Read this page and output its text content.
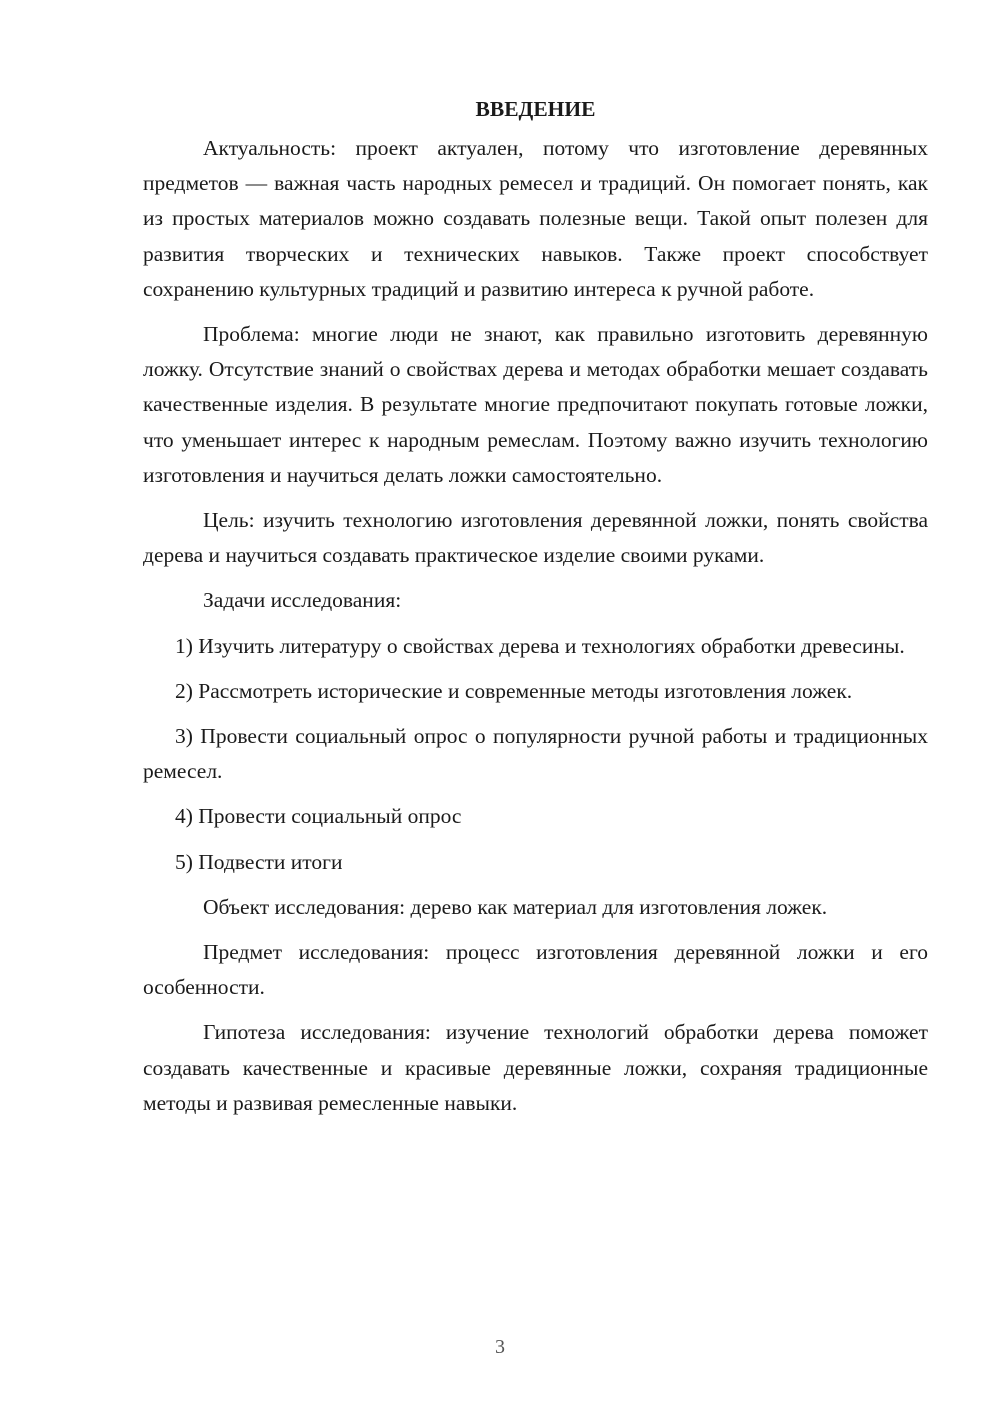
ВВЕДЕНИЕ

Актуальность: проект актуален, потому что изготовление деревянных предметов — важная часть народных ремесел и традиций. Он помогает понять, как из простых материалов можно создавать полезные вещи. Такой опыт полезен для развития творческих и технических навыков. Также проект способствует сохранению культурных традиций и развитию интереса к ручной работе.

Проблема: многие люди не знают, как правильно изготовить деревянную ложку. Отсутствие знаний о свойствах дерева и методах обработки мешает создавать качественные изделия. В результате многие предпочитают покупать готовые ложки, что уменьшает интерес к народным ремеслам. Поэтому важно изучить технологию изготовления и научиться делать ложки самостоятельно.

Цель: изучить технологию изготовления деревянной ложки, понять свойства дерева и научиться создавать практическое изделие своими руками.

Задачи исследования:

1) Изучить литературу о свойствах дерева и технологиях обработки древесины.

2) Рассмотреть исторические и современные методы изготовления ложек.

3) Провести социальный опрос о популярности ручной работы и традиционных ремесел.

4) Провести социальный опрос

5) Подвести итоги

Объект исследования: дерево как материал для изготовления ложек.

Предмет исследования: процесс изготовления деревянной ложки и его особенности.

Гипотеза исследования: изучение технологий обработки дерева поможет создавать качественные и красивые деревянные ложки, сохраняя традиционные методы и развивая ремесленные навыки.

3
